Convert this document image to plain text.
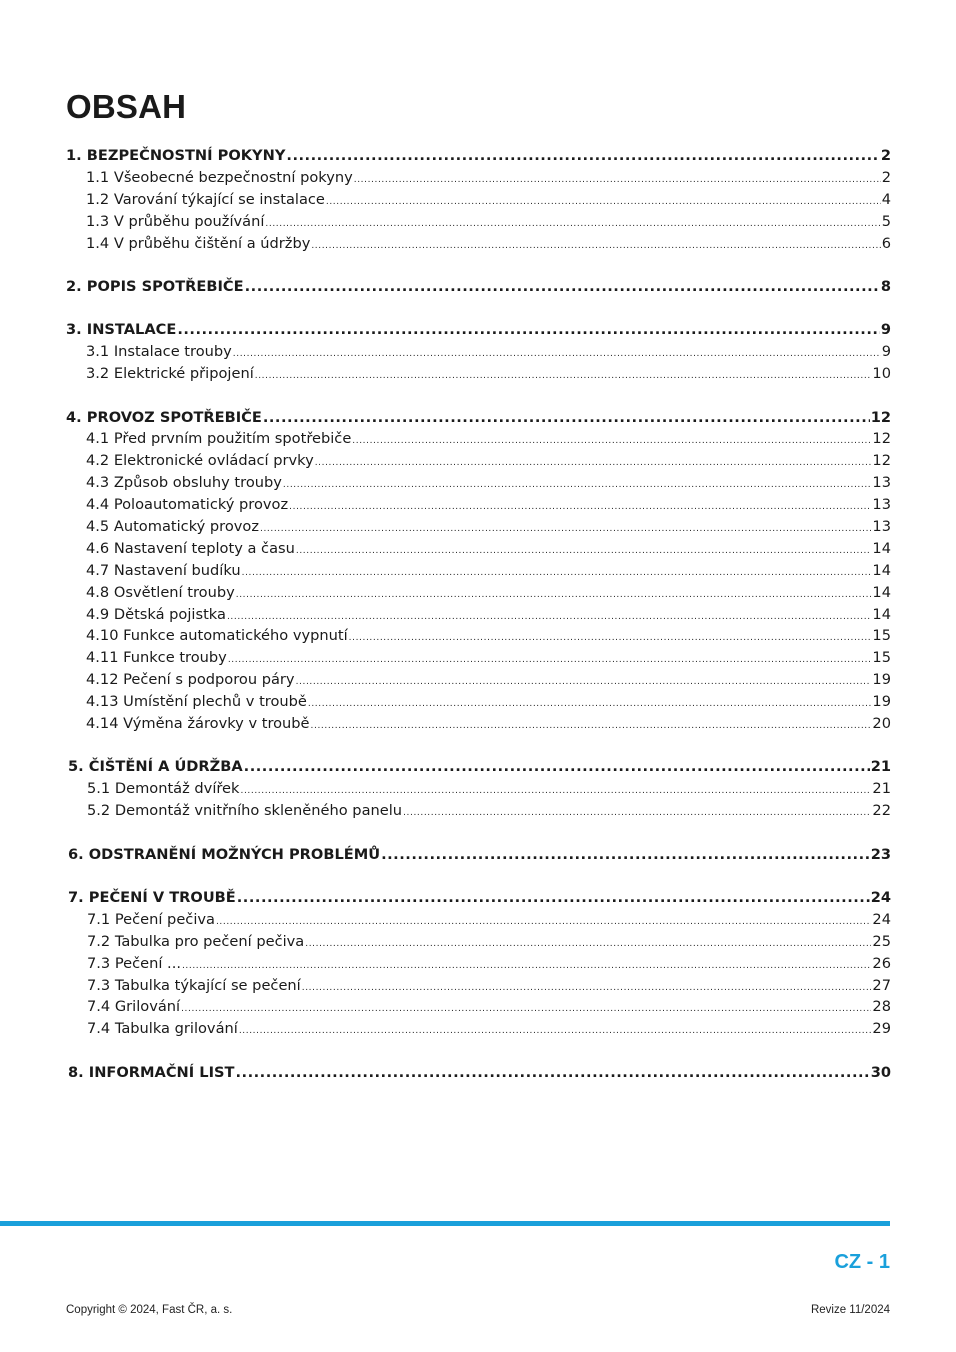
OBSAH
1. BEZPEČNOSTNÍ POKYNY .....	2
1.1 Všeobecné bezpečnostní pokyny .....	2
1.2 Varování týkající se instalace .....	4
1.3 V průběhu používání .....	5
1.4 V průběhu čištění a údržby .....	6
2. POPIS SPOTŘEBIČE .....	8
3. INSTALACE .....	9
3.1 Instalace trouby .....	9
3.2 Elektrické připojení .....	10
4. PROVOZ SPOTŘEBIČE .....	12
4.1 Před prvním použitím spotřebiče .....	12
4.2 Elektronické ovládací prvky .....	12
4.3 Způsob obsluhy trouby .....	13
4.4 Poloautomatický provoz .....	13
4.5 Automatický provoz .....	13
4.6 Nastavení teploty a času .....	14
4.7 Nastavení budíku .....	14
4.8 Osvětlení trouby .....	14
4.9 Dětská pojistka .....	14
4.10 Funkce automatického vypnutí .....	15
4.11 Funkce trouby .....	15
4.12 Pečení s podporou páry .....	19
4.13 Umístění plechů v troubě .....	19
4.14 Výměna žárovky v troubě .....	20
5. ČIŠTĚNÍ A ÚDRŽBA .....	21
5.1 Demontáž dvířek .....	21
5.2 Demontáž vnitřního skleněného panelu .....	22
6. ODSTRANĚNÍ MOŽNÝCH PROBLÉMŮ .....	23
7. PEČENÍ V TROUBĚ .....	24
7.1 Pečení pečiva .....	24
7.2 Tabulka pro pečení pečiva .....	25
7.3 Pečení ... .....	26
7.3 Tabulka týkající se pečení .....	27
7.4 Grilování .....	28
7.4 Tabulka grilování .....	29
8. INFORMAČNÍ LIST .....	30
CZ - 1
Copyright © 2024, Fast ČR, a. s.	Revize 11/2024
